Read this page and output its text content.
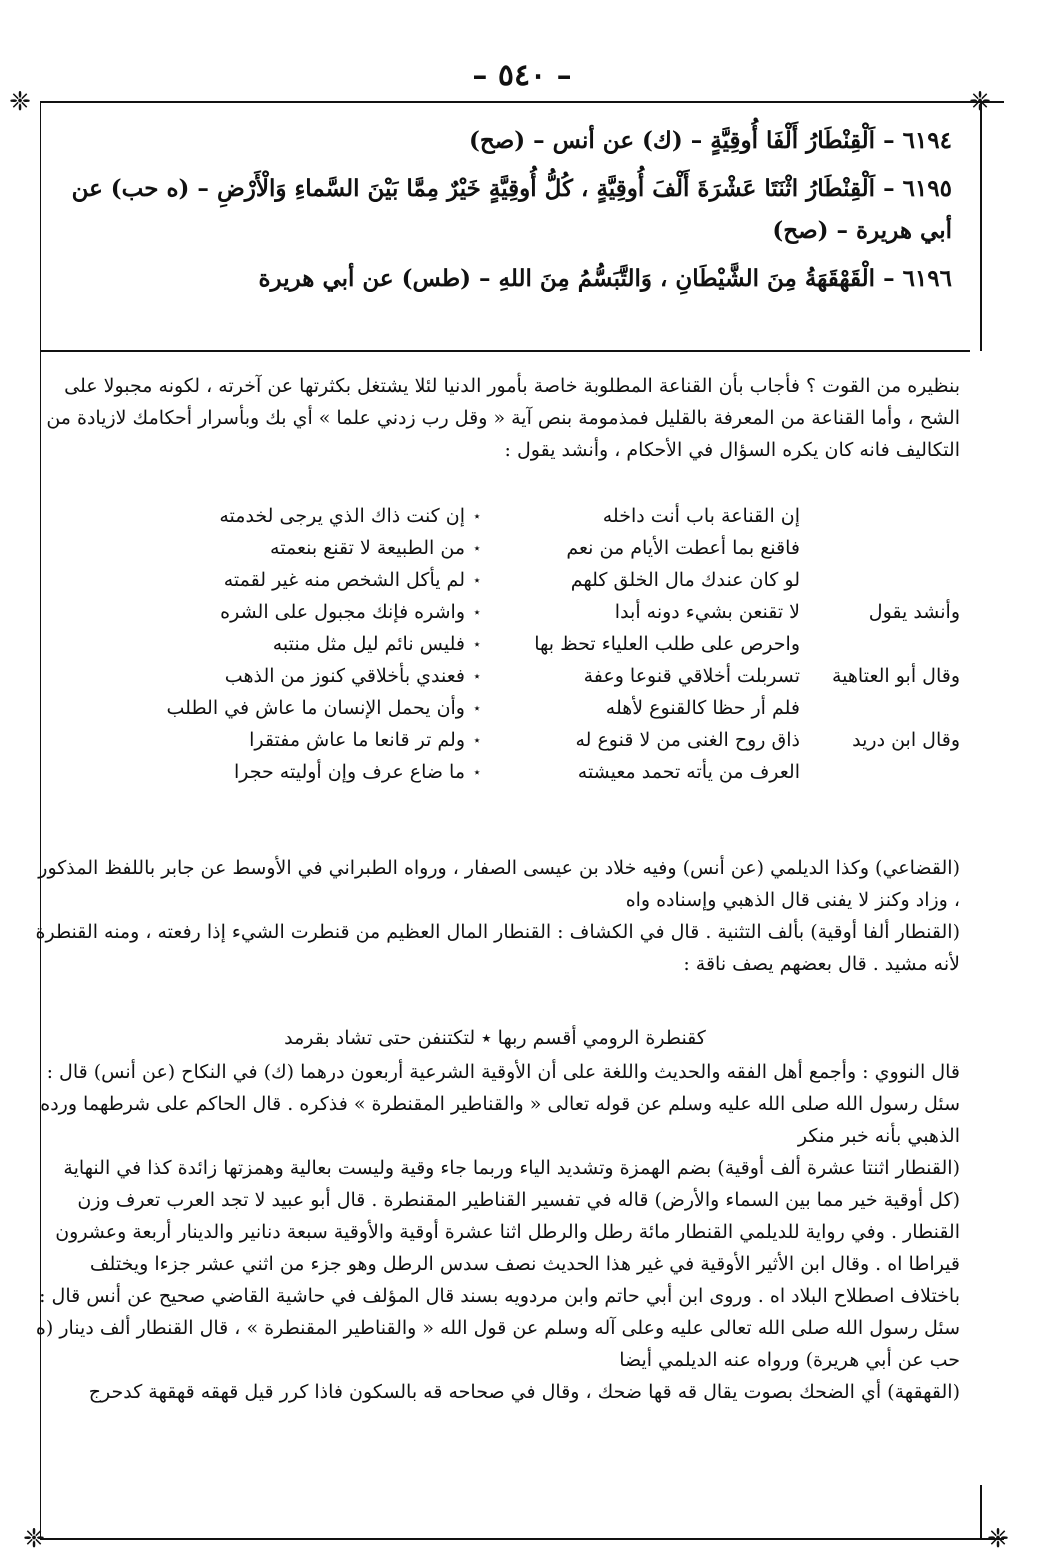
– ٥٤٠ –
❈	❈
❈	❈

٦١٩٤ – اَلْقِنْطَارُ أَلْفَا أُوقِيَّةٍ – (ك) عن أنس – (صح)

٦١٩٥ – اَلْقِنْطَارُ اثْنَتَا عَشْرَةَ أَلْفَ أُوقِيَّةٍ ، كُلُّ أُوقِيَّةٍ خَيْرٌ مِمَّا بَيْنَ السَّماءِ وَالْأَرْضِ – (ه حب) عن أبي هريرة – (صح)

٦١٩٦ – الْقَهْقَهَةُ مِنَ الشَّيْطَانِ ، وَالتَّبَسُّمُ مِنَ اللهِ – (طس) عن أبي هريرة

بنظيره من القوت ؟ فأجاب بأن القناعة المطلوبة خاصة بأمور الدنيا لئلا يشتغل بكثرتها عن آخرته ، لكونه مجبولا على الشح ، وأما القناعة من المعرفة بالقليل فمذمومة بنص آية « وقل رب زدني علما » أي بك وبأسرار أحكامك لازيادة من التكاليف فانه كان يكره السؤال في الأحكام ، وأنشد يقول :

إن القناعة باب أنت داخله
٭
إن كنت ذاك الذي يرجى لخدمته
فاقنع بما أعطت الأيام من نعم
٭
من الطبيعة لا تقنع بنعمته
لو كان عندك مال الخلق كلهم
٭
لم يأكل الشخص منه غير لقمته
وأنشد يقول
لا تقنعن بشيء دونه أبدا
٭
واشره فإنك مجبول على الشره
واحرص على طلب العلياء تحظ بها
٭
فليس نائم ليل مثل منتبه
وقال أبو العتاهية
تسربلت أخلاقي قنوعا وعفة
٭
فعندي بأخلاقي كنوز من الذهب
فلم أر حظا كالقنوع لأهله
٭
وأن يحمل الإنسان ما عاش في الطلب
وقال ابن دريد
ذاق روح الغنى من لا قنوع له
٭
ولم تر قانعا ما عاش مفتقرا
العرف من يأته تحمد معيشته
٭
ما ضاع عرف وإن أوليته حجرا

(القضاعي) وكذا الديلمي (عن أنس) وفيه خلاد بن عيسى الصفار ، ورواه الطبراني في الأوسط عن جابر باللفظ المذكور ، وزاد وكنز لا يفنى قال الذهبي وإسناده واه

(القنطار ألفا أوقية) بألف التثنية . قال في الكشاف : القنطار المال العظيم من قنطرت الشيء إذا رفعته ، ومنه القنطرة لأنه مشيد . قال بعضهم يصف ناقة :

كقنطرة الرومي أقسم ربها ٭ لتكتنفن حتى تشاد بقرمد

قال النووي : وأجمع أهل الفقه والحديث واللغة على أن الأوقية الشرعية أربعون درهما (ك) في النكاح (عن أنس) قال : سئل رسول الله صلى الله عليه وسلم عن قوله تعالى « والقناطير المقنطرة » فذكره . قال الحاكم على شرطهما ورده الذهبي بأنه خبر منكر

(القنطار اثنتا عشرة ألف أوقية) بضم الهمزة وتشديد الياء وربما جاء وقية وليست بعالية وهمزتها زائدة كذا في النهاية (كل أوقية خير مما بين السماء والأرض) قاله في تفسير القناطير المقنطرة . قال أبو عبيد لا تجد العرب تعرف وزن القنطار . وفي رواية للديلمي القنطار مائة رطل والرطل اثنا عشرة أوقية والأوقية سبعة دنانير والدينار أربعة وعشرون قيراطا اه . وقال ابن الأثير الأوقية في غير هذا الحديث نصف سدس الرطل وهو جزء من اثني عشر جزءا ويختلف باختلاف اصطلاح البلاد اه . وروى ابن أبي حاتم وابن مردويه بسند قال المؤلف في حاشية القاضي صحيح عن أنس قال : سئل رسول الله صلى الله تعالى عليه وعلى آله وسلم عن قول الله « والقناطير المقنطرة » ، قال القنطار ألف دينار (ه حب عن أبي هريرة) ورواه عنه الديلمي أيضا

(القهقهة) أي الضحك بصوت يقال قه قها ضحك ، وقال في صحاحه قه بالسكون فاذا كرر قيل قهقه قهقهة كدحرج
